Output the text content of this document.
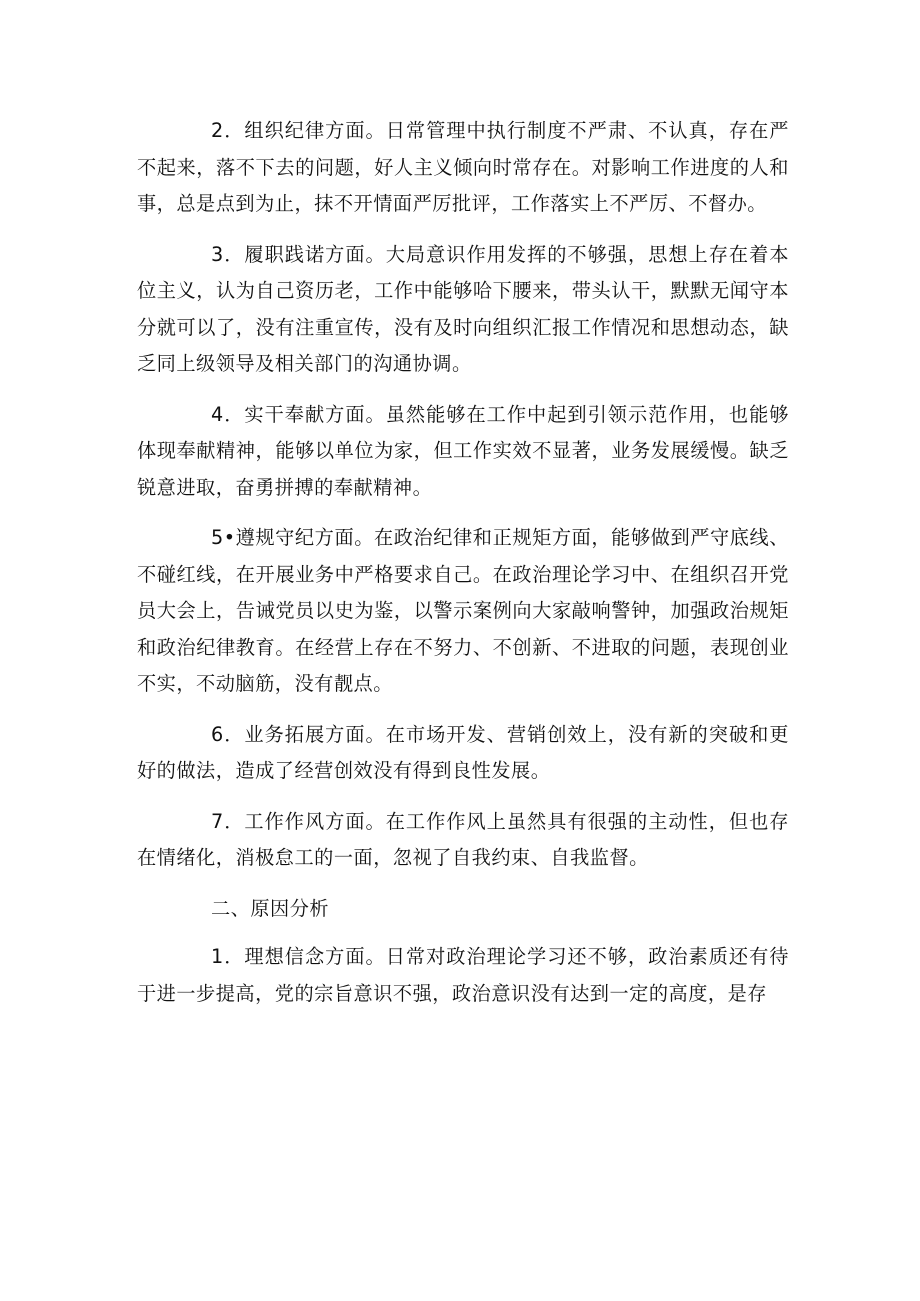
2．组织纪律方面。日常管理中执行制度不严肃、不认真，存在严不起来，落不下去的问题，好人主义倾向时常存在。对影响工作进度的人和事，总是点到为止，抹不开情面严厉批评，工作落实上不严厉、不督办。

3．履职践诺方面。大局意识作用发挥的不够强，思想上存在着本位主义，认为自己资历老，工作中能够哈下腰来，带头认干，默默无闻守本分就可以了，没有注重宣传，没有及时向组织汇报工作情况和思想动态，缺乏同上级领导及相关部门的沟通协调。

4．实干奉献方面。虽然能够在工作中起到引领示范作用，也能够体现奉献精神，能够以单位为家，但工作实效不显著，业务发展缓慢。缺乏锐意进取，奋勇拼搏的奉献精神。

5•遵规守纪方面。在政治纪律和正规矩方面，能够做到严守底线、不碰红线，在开展业务中严格要求自己。在政治理论学习中、在组织召开党员大会上，告诫党员以史为鉴，以警示案例向大家敲响警钟，加强政治规矩和政治纪律教育。在经营上存在不努力、不创新、不进取的问题，表现创业不实，不动脑筋，没有靓点。

6．业务拓展方面。在市场开发、营销创效上，没有新的突破和更好的做法，造成了经营创效没有得到良性发展。

7．工作作风方面。在工作作风上虽然具有很强的主动性，但也存在情绪化，消极怠工的一面，忽视了自我约束、自我监督。

二、原因分析

1．理想信念方面。日常对政治理论学习还不够，政治素质还有待于进一步提高，党的宗旨意识不强，政治意识没有达到一定的高度，是存
